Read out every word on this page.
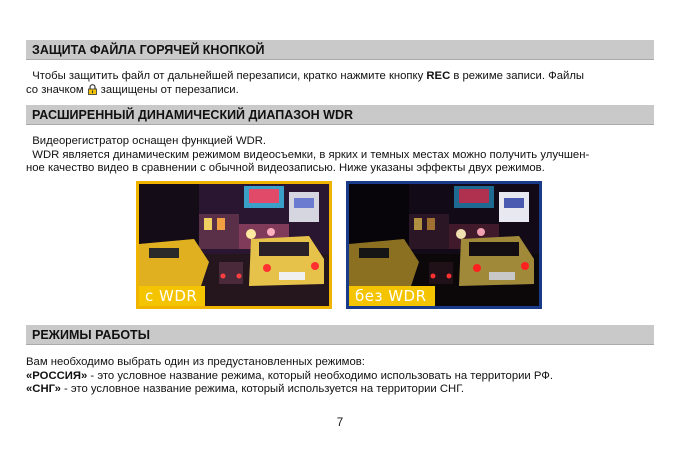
ЗАЩИТА ФАЙЛА ГОРЯЧЕЙ КНОПКОЙ
Чтобы защитить файл от дальнейшей перезаписи, кратко нажмите кнопку REC в режиме записи. Файлы
со значком защищены от перезаписи.
РАСШИРЕННЫЙ ДИНАМИЧЕСКИЙ ДИАПАЗОН WDR
Видеорегистратор оснащен функцией WDR.
WDR является динамическим режимом видеосъемки, в ярких и темных местах можно получить улучшен-
ное качество видео в сравнении с обычной видеозаписью. Ниже указаны эффекты двух режимов.
с WDR	без WDR
РЕЖИМЫ РАБОТЫ
Вам необходимо выбрать один из предустановленных режимов:
«РОССИЯ» - это условное название режима, который необходимо использовать на территории РФ.
«СНГ» - это условное название режима, который используется на территории СНГ.
7
